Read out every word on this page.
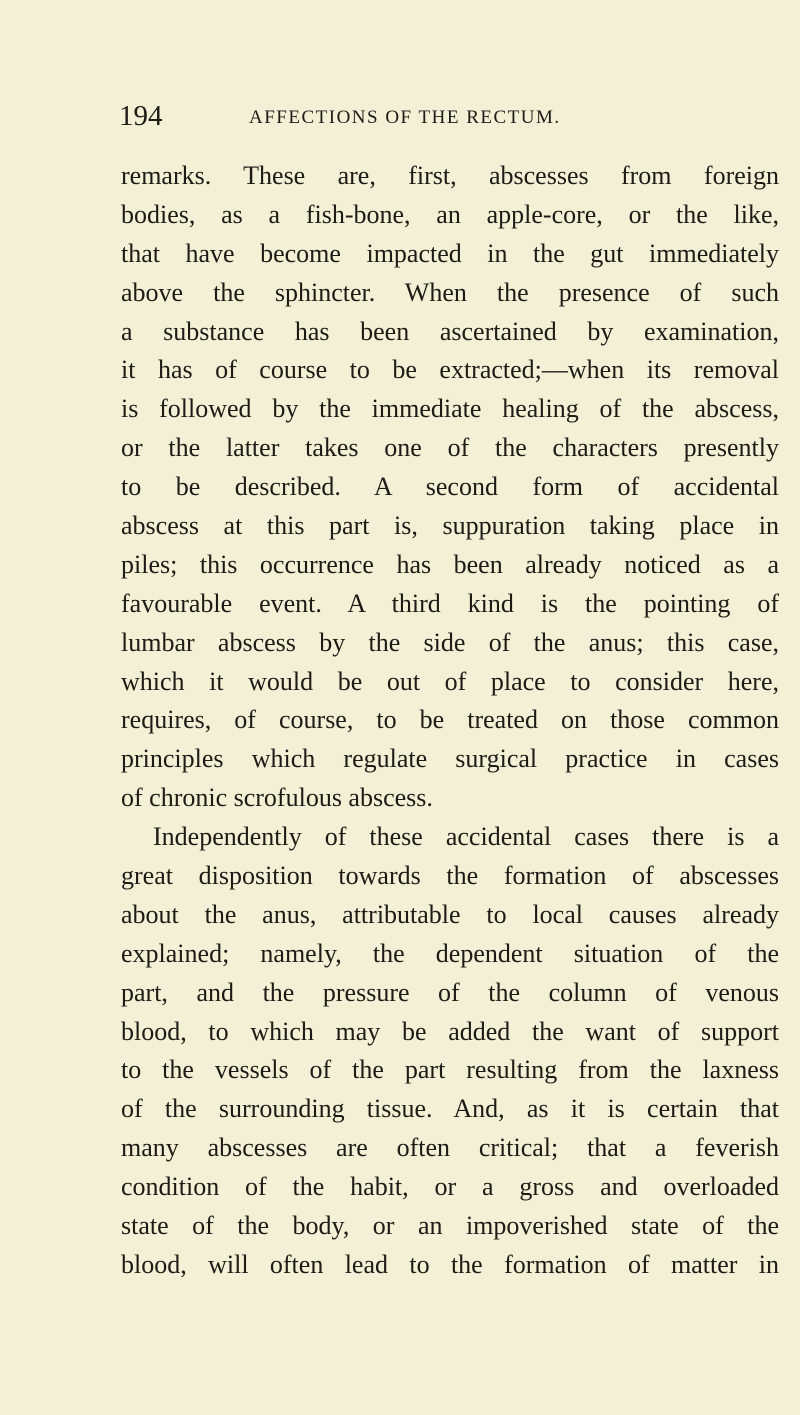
194	AFFECTIONS OF THE RECTUM.
remarks. These are, first, abscesses from foreign
bodies, as a fish-bone, an apple-core, or the like,
that have become impacted in the gut immediately
above the sphincter. When the presence of such
a substance has been ascertained by examination,
it has of course to be extracted;—when its removal
is followed by the immediate healing of the abscess,
or the latter takes one of the characters presently
to be described. A second form of accidental
abscess at this part is, suppuration taking place in
piles; this occurrence has been already noticed as a
favourable event. A third kind is the pointing of
lumbar abscess by the side of the anus; this case,
which it would be out of place to consider here,
requires, of course, to be treated on those common
principles which regulate surgical practice in cases
of chronic scrofulous abscess.
Independently of these accidental cases there is a
great disposition towards the formation of abscesses
about the anus, attributable to local causes already
explained; namely, the dependent situation of the
part, and the pressure of the column of venous
blood, to which may be added the want of support
to the vessels of the part resulting from the laxness
of the surrounding tissue. And, as it is certain that
many abscesses are often critical; that a feverish
condition of the habit, or a gross and overloaded
state of the body, or an impoverished state of the
blood, will often lead to the formation of matter in
